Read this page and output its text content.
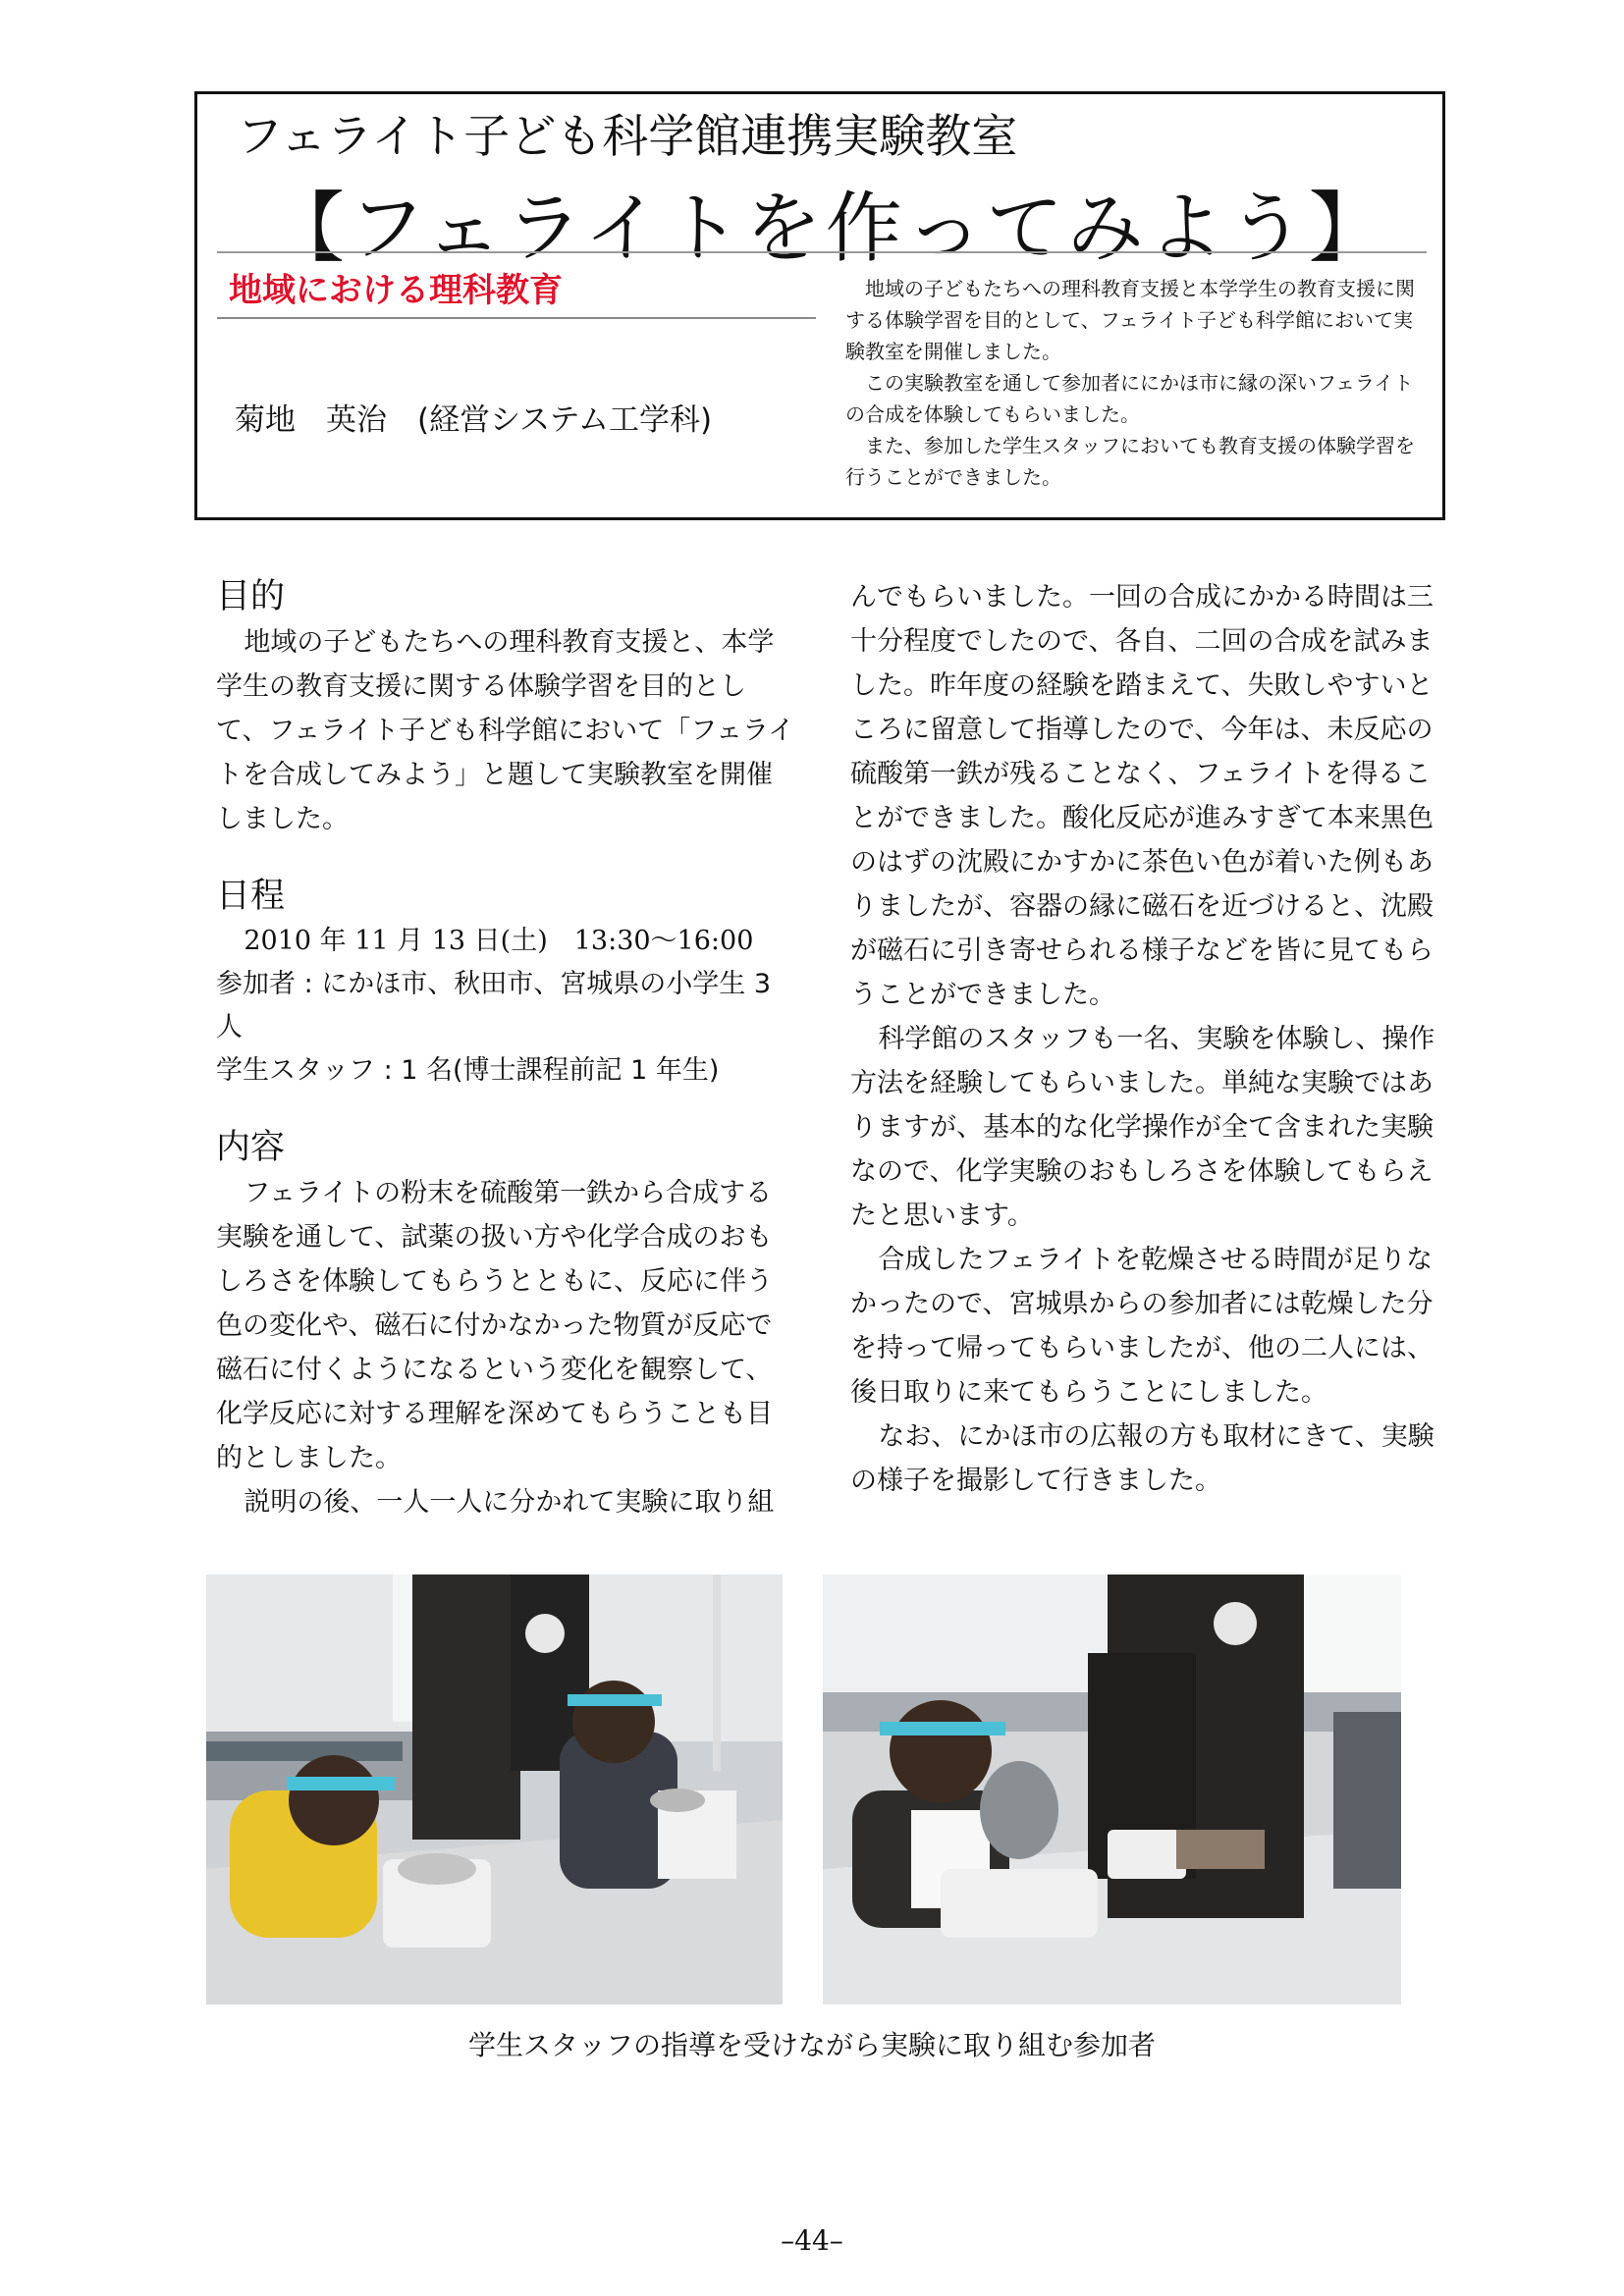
フェライト子ども科学館連携実験教室
【フェライトを作ってみよう】
地域における理科教育
菊地　英治　(経営システム工学科)

地域の子どもたちへの理科教育支援と本学学生の教育支援に関する体験学習を目的として、フェライト子ども科学館において実験教室を開催しました。

この実験教室を通して参加者ににかほ市に縁の深いフェライトの合成を体験してもらいました。

また、参加した学生スタッフにおいても教育支援の体験学習を行うことができました。

目的

地域の子どもたちへの理科教育支援と、本学学生の教育支援に関する体験学習を目的として、フェライト子ども科学館において「フェライトを合成してみよう」と題して実験教室を開催しました。

日程

2010 年 11 月 13 日(土)　13:30〜16:00

参加者 : にかほ市、秋田市、宮城県の小学生 3 人

学生スタッフ : 1 名(博士課程前記 1 年生)

内容

フェライトの粉末を硫酸第一鉄から合成する実験を通して、試薬の扱い方や化学合成のおもしろさを体験してもらうとともに、反応に伴う色の変化や、磁石に付かなかった物質が反応で磁石に付くようになるという変化を観察して、化学反応に対する理解を深めてもらうことも目的としました。

説明の後、一人一人に分かれて実験に取り組

んでもらいました。一回の合成にかかる時間は三十分程度でしたので、各自、二回の合成を試みました。昨年度の経験を踏まえて、失敗しやすいところに留意して指導したので、今年は、未反応の硫酸第一鉄が残ることなく、フェライトを得ることができました。酸化反応が進みすぎて本来黒色のはずの沈殿にかすかに茶色い色が着いた例もありましたが、容器の縁に磁石を近づけると、沈殿が磁石に引き寄せられる様子などを皆に見てもらうことができました。

科学館のスタッフも一名、実験を体験し、操作方法を経験してもらいました。単純な実験ではありますが、基本的な化学操作が全て含まれた実験なので、化学実験のおもしろさを体験してもらえたと思います。

合成したフェライトを乾燥させる時間が足りなかったので、宮城県からの参加者には乾燥した分を持って帰ってもらいましたが、他の二人には、後日取りに来てもらうことにしました。

なお、にかほ市の広報の方も取材にきて、実験の様子を撮影して行きました。

学生スタッフの指導を受けながら実験に取り組む参加者
–44–
